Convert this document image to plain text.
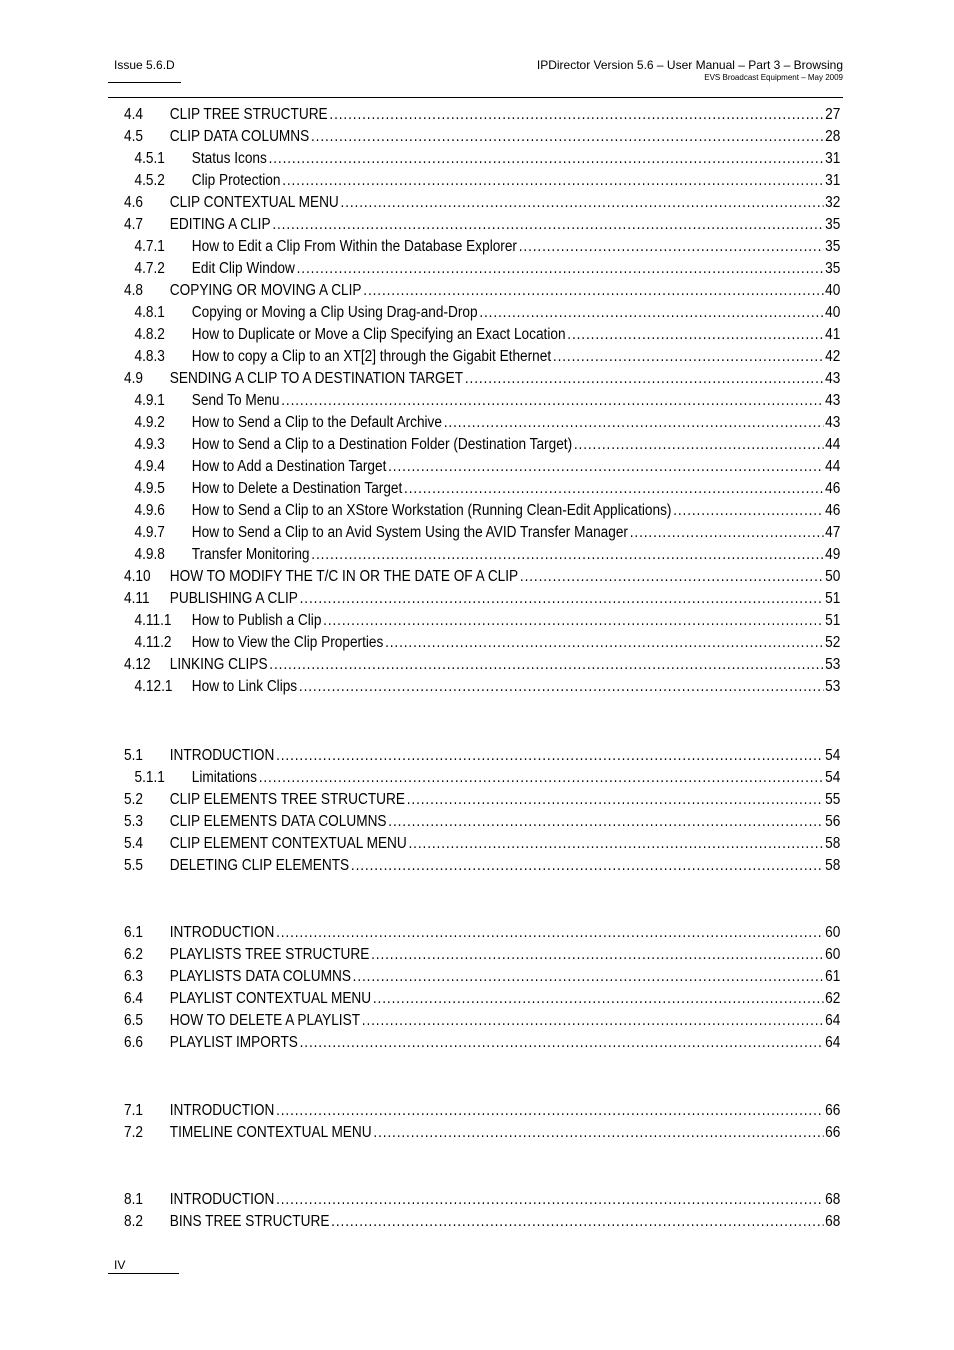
Issue 5.6.D	IPDirector Version 5.6 – User Manual – Part 3 – Browsing
EVS Broadcast Equipment – May 2009
4.4	CLIP TREE STRUCTURE .....	27
4.5	CLIP DATA COLUMNS .....	28
4.5.1	Status Icons .....	31
4.5.2	Clip Protection .....	31
4.6	CLIP CONTEXTUAL MENU .....	32
4.7	EDITING A CLIP .....	35
4.7.1	How to Edit a Clip From Within the Database Explorer .....	35
4.7.2	Edit Clip Window .....	35
4.8	COPYING OR MOVING A CLIP .....	40
4.8.1	Copying or Moving a Clip Using Drag-and-Drop .....	40
4.8.2	How to Duplicate or Move a Clip Specifying an Exact Location .....	41
4.8.3	How to copy a Clip to an XT[2] through the Gigabit Ethernet .....	42
4.9	SENDING A CLIP TO A DESTINATION TARGET .....	43
4.9.1	Send To Menu .....	43
4.9.2	How to Send a Clip to the Default Archive .....	43
4.9.3	How to Send a Clip to a Destination Folder (Destination Target) .....	44
4.9.4	How to Add a Destination Target .....	44
4.9.5	How to Delete a Destination Target .....	46
4.9.6	How to Send a Clip to an XStore Workstation (Running Clean-Edit Applications) .....	46
4.9.7	How to Send a Clip to an Avid System Using the AVID Transfer Manager .....	47
4.9.8	Transfer Monitoring .....	49
4.10	HOW TO MODIFY THE T/C IN OR THE DATE OF A CLIP .....	50
4.11	PUBLISHING A CLIP .....	51
4.11.1	How to Publish a Clip .....	51
4.11.2	How to View the Clip Properties .....	52
4.12	LINKING CLIPS .....	53
4.12.1	How to Link Clips .....	53
5.1	INTRODUCTION .....	54
5.1.1	Limitations .....	54
5.2	CLIP ELEMENTS TREE STRUCTURE .....	55
5.3	CLIP ELEMENTS DATA COLUMNS .....	56
5.4	CLIP ELEMENT CONTEXTUAL MENU .....	58
5.5	DELETING CLIP ELEMENTS .....	58
6.1	INTRODUCTION .....	60
6.2	PLAYLISTS TREE STRUCTURE .....	60
6.3	PLAYLISTS DATA COLUMNS .....	61
6.4	PLAYLIST CONTEXTUAL MENU .....	62
6.5	HOW TO DELETE A PLAYLIST .....	64
6.6	PLAYLIST IMPORTS .....	64
7.1	INTRODUCTION .....	66
7.2	TIMELINE CONTEXTUAL MENU .....	66
8.1	INTRODUCTION .....	68
8.2	BINS TREE STRUCTURE .....	68
IV
